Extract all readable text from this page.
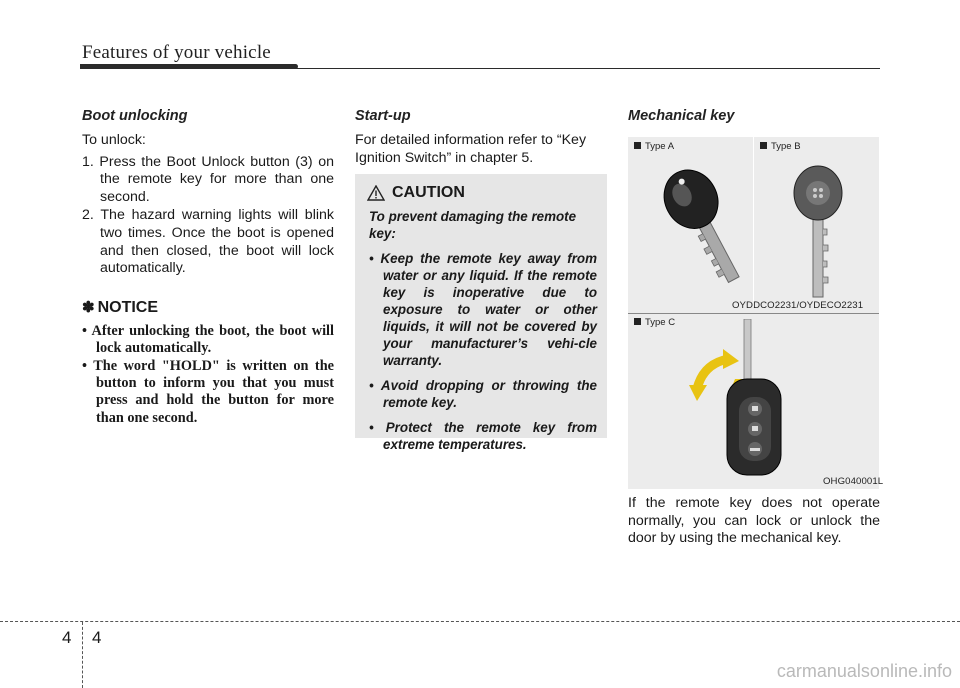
Features of your vehicle
Boot unlocking

To unlock:

1. Press the Boot Unlock button (3) on the remote key for more than one second.
2. The hazard warning lights will blink two times. Once the boot is opened and then closed, the boot will lock automatically.
✽ NOTICE
• After unlocking the boot, the boot will lock automatically.
• The word "HOLD" is written on the button to inform you that you must press and hold the button for more than one second.
Start-up

For detailed information refer to “Key Ignition Switch” in chapter 5.

CAUTION
To prevent damaging the remote key:
• Keep the remote key away from water or any liquid. If the remote key is inoperative due to exposure to water or other liquids, it will not be covered by your manufacturer’s vehi-cle warranty.
• Avoid dropping or throwing the remote key.
• Protect the remote key from extreme temperatures.
Mechanical key
Type A	Type B
Type C
OYDDCO2231/OYDECO2231
OHG040001L
If the remote key does not operate normally, you can lock or unlock the door by using the mechanical key.
4 4
carmanualsonline.info
